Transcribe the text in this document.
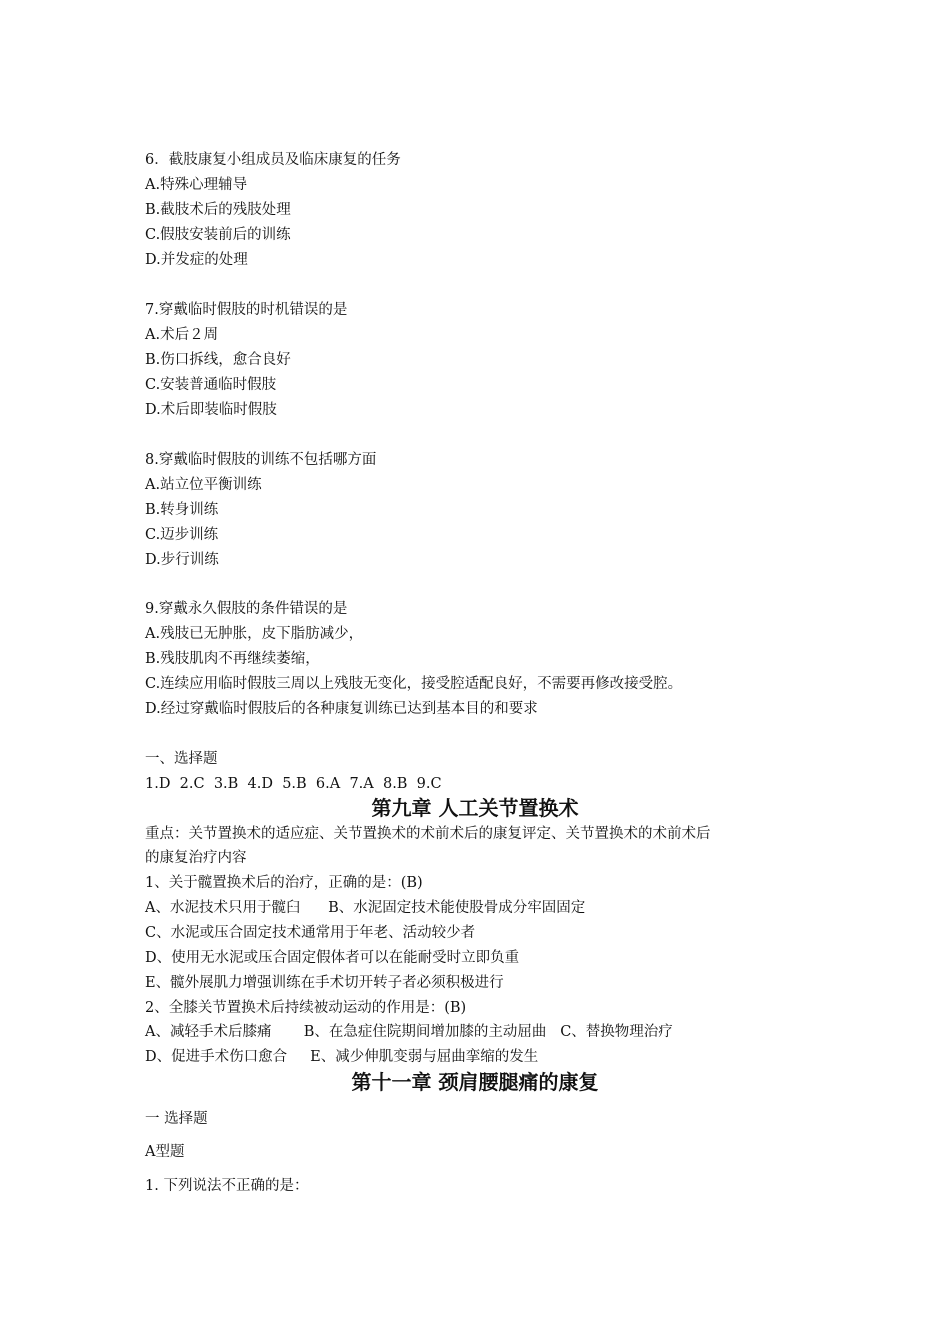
6．截肢康复小组成员及临床康复的任务
A.特殊心理辅导
B.截肢术后的残肢处理
C.假肢安装前后的训练
D.并发症的处理
7.穿戴临时假肢的时机错误的是
A.术后２周
B.伤口拆线，愈合良好
C.安装普通临时假肢
D.术后即装临时假肢
8.穿戴临时假肢的训练不包括哪方面
A.站立位平衡训练
B.转身训练
C.迈步训练
D.步行训练
9.穿戴永久假肢的条件错误的是
A.残肢已无肿胀，皮下脂肪减少，
B.残肢肌肉不再继续萎缩，
C.连续应用临时假肢三周以上残肢无变化，接受腔适配良好，不需要再修改接受腔。
D.经过穿戴临时假肢后的各种康复训练已达到基本目的和要求
一、选择题
1.D  2.C  3.B  4.D  5.B  6.A  7.A  8.B  9.C
第九章 人工关节置换术
重点：关节置换术的适应症、关节置换术的术前术后的康复评定、关节置换术的术前术后
的康复治疗内容
1、关于髋置换术后的治疗，正确的是：(B)
A、水泥技术只用于髋臼      B、水泥固定技术能使股骨成分牢固固定
C、水泥或压合固定技术通常用于年老、活动较少者
D、使用无水泥或压合固定假体者可以在能耐受时立即负重
E、髋外展肌力增强训练在手术切开转子者必须积极进行
2、全膝关节置换术后持续被动运动的作用是：(B)
A、减轻手术后膝痛       B、在急症住院期间增加膝的主动屈曲   C、替换物理治疗
D、促进手术伤口愈合     E、减少伸肌变弱与屈曲挛缩的发生
第十一章 颈肩腰腿痛的康复
一 选择题
A型题
1. 下列说法不正确的是：
